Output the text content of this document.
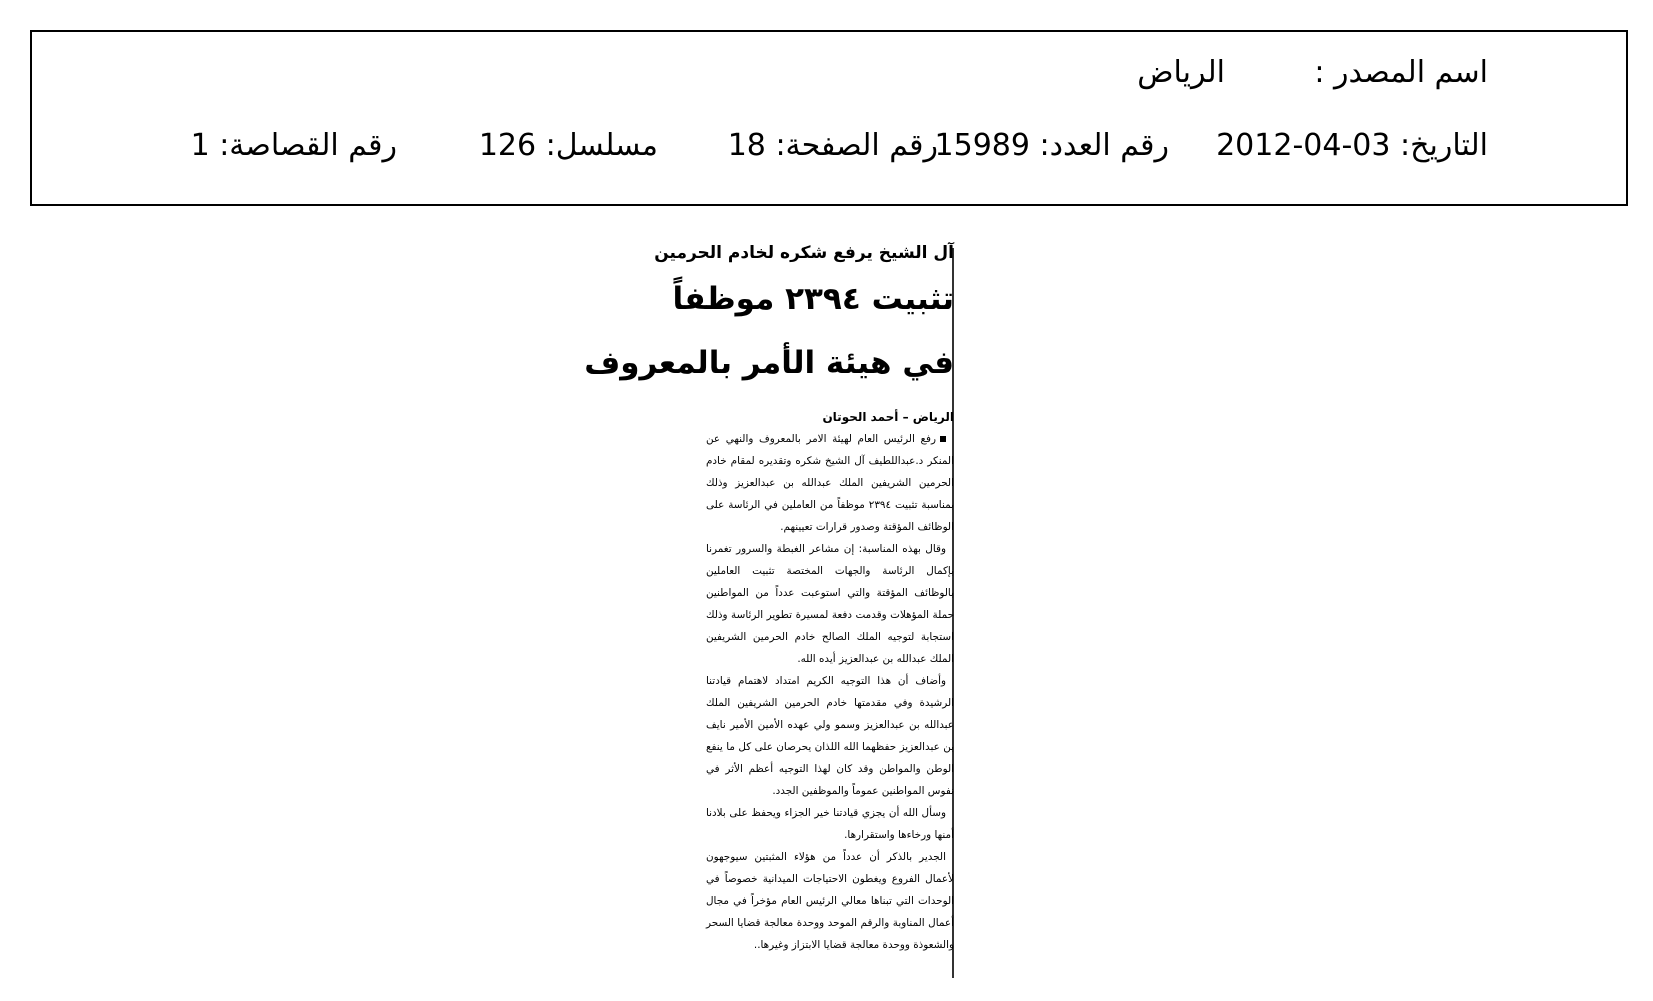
اسم المصدر :
الرياض
التاريخ: 03-04-2012
رقم العدد: 15989
رقم الصفحة: 18
مسلسل: 126
رقم القصاصة: 1
آل الشيخ يرفع شكره لخادم الحرمين
تثبيت ٢٣٩٤ موظفاً
في هيئة الأمر بالمعروف
الرياض – أحمد الحوتان

رفع الرئيس العام لهيئة الامر بالمعروف والنهي عن المنكر د.عبداللطيف آل الشيخ شكره وتقديره لمقام خادم الحرمين الشريفين الملك عبدالله بن عبدالعزيز وذلك بمناسبة تثبيت ٢٣٩٤ موظفاً من العاملين في الرئاسة على الوظائف المؤقتة وصدور قرارات تعيينهم.

وقال بهذه المناسبة: إن مشاعر الغبطة والسرور تغمرنا بإكمال الرئاسة والجهات المختصة تثبيت العاملين بالوظائف المؤقتة والتي استوعبت عدداً من المواطنين حملة المؤهلات وقدمت دفعة لمسيرة تطوير الرئاسة وذلك استجابة لتوجيه الملك الصالح خادم الحرمين الشريفين الملك عبدالله بن عبدالعزيز أيده الله.

وأضاف أن هذا التوجيه الكريم امتداد لاهتمام قيادتنا الرشيدة وفي مقدمتها خادم الحرمين الشريفين الملك عبدالله بن عبدالعزيز وسمو ولي عهده الأمين الأمير نايف بن عبدالعزيز حفظهما الله اللذان يحرصان على كل ما ينفع الوطن والمواطن وقد كان لهذا التوجيه أعظم الأثر في نفوس المواطنين عموماً والموظفين الجدد.

وسأل الله أن يجزي قيادتنا خير الجزاء ويحفظ على بلادنا أمنها ورخاءها واستقرارها.

الجدير بالذكر أن عدداً من هؤلاء المثبتين سيوجهون لأعمال الفروع ويغطون الاحتياجات الميدانية خصوصاً في الوحدات التي تبناها معالي الرئيس العام مؤخراً في مجال أعمال المناوبة والرقم الموحد ووحدة معالجة قضايا السحر والشعوذة ووحدة معالجة قضايا الابتزاز وغيرها..
